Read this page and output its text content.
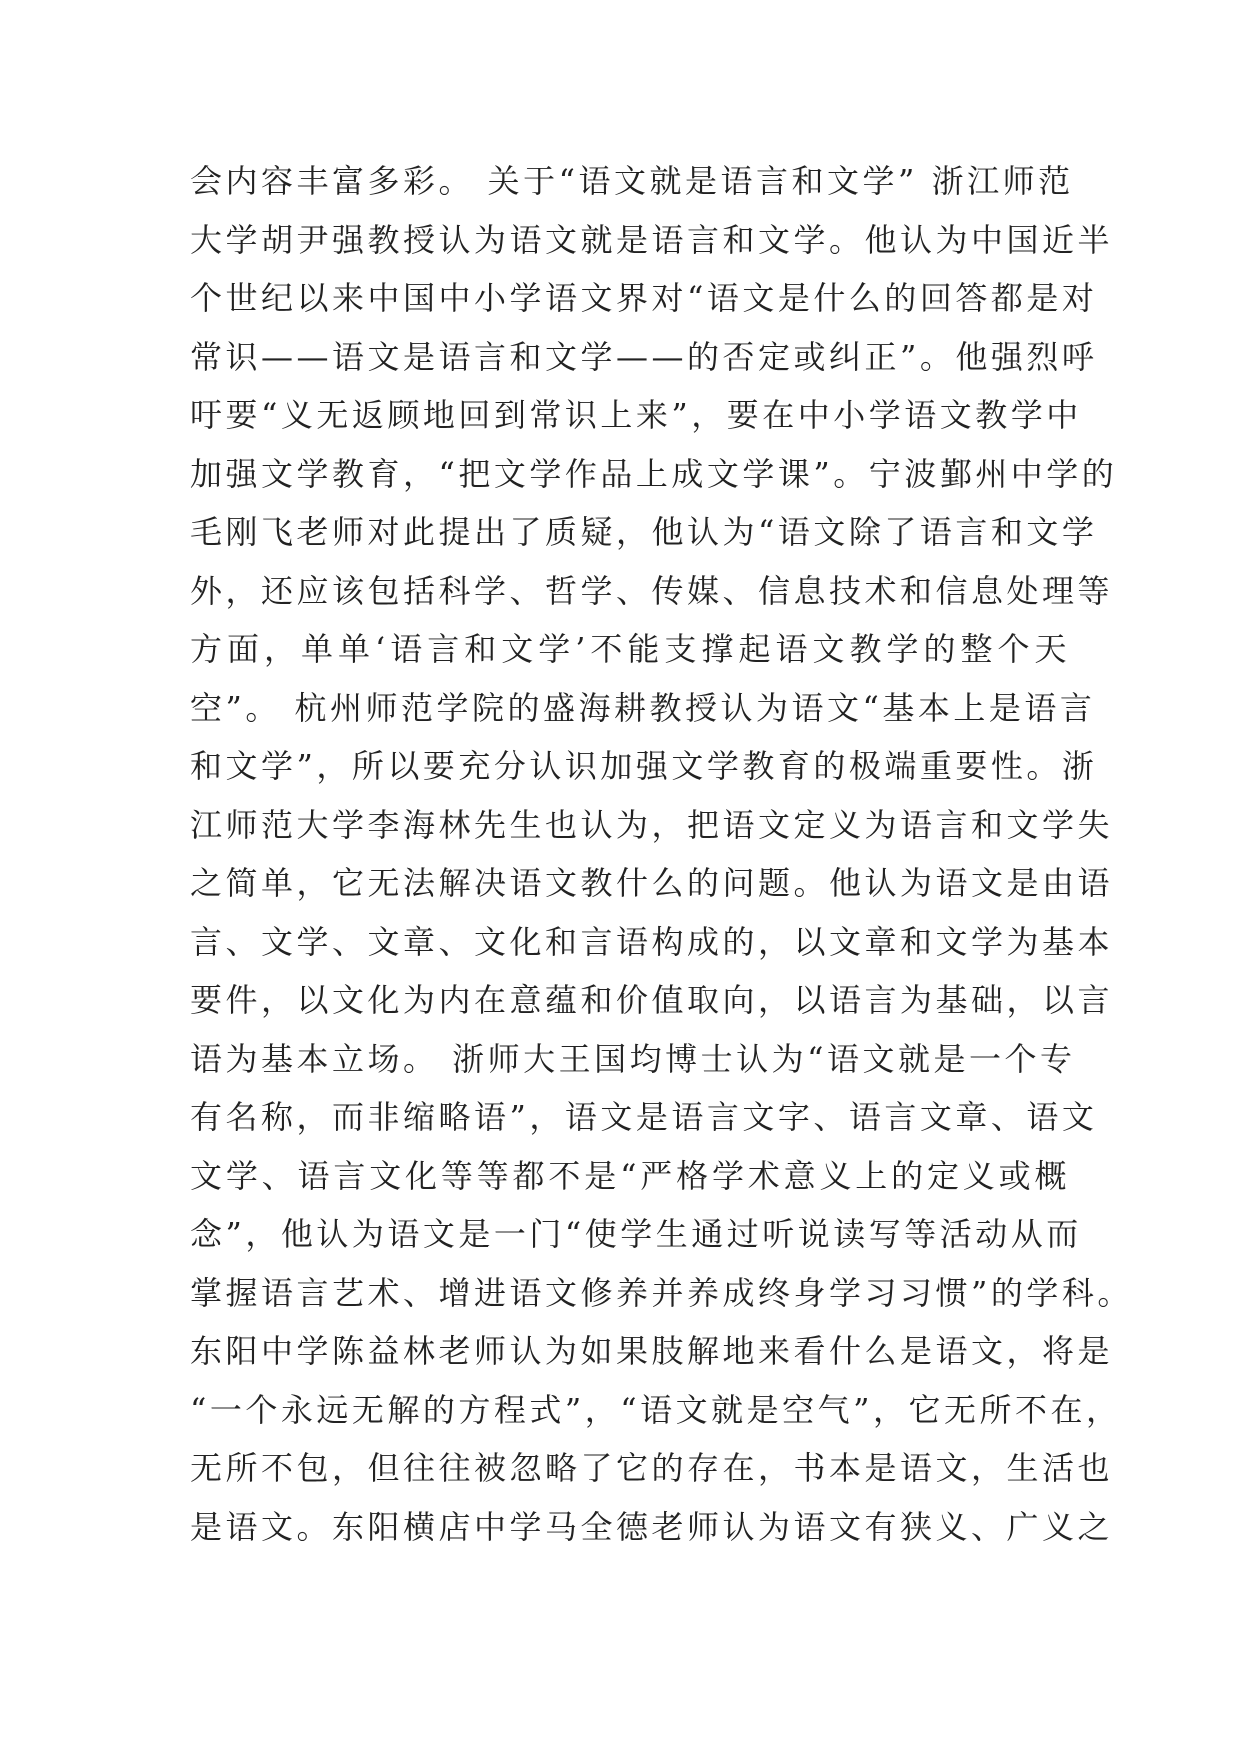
会内容丰富多彩。 关于“语文就是语言和文学” 浙江师范
大学胡尹强教授认为语文就是语言和文学。他认为中国近半
个世纪以来中国中小学语文界对“语文是什么的回答都是对
常识——语文是语言和文学——的否定或纠正”。他强烈呼
吁要“义无返顾地回到常识上来”，要在中小学语文教学中
加强文学教育，“把文学作品上成文学课”。宁波鄞州中学的
毛刚飞老师对此提出了质疑，他认为“语文除了语言和文学
外，还应该包括科学、哲学、传媒、信息技术和信息处理等
方面，单单‘语言和文学’不能支撑起语文教学的整个天
空”。 杭州师范学院的盛海耕教授认为语文“基本上是语言
和文学”，所以要充分认识加强文学教育的极端重要性。浙
江师范大学李海林先生也认为，把语文定义为语言和文学失
之简单，它无法解决语文教什么的问题。他认为语文是由语
言、文学、文章、文化和言语构成的，以文章和文学为基本
要件，以文化为内在意蕴和价值取向，以语言为基础，以言
语为基本立场。 浙师大王国均博士认为“语文就是一个专
有名称，而非缩略语”，语文是语言文字、语言文章、语文
文学、语言文化等等都不是“严格学术意义上的定义或概
念”，他认为语文是一门“使学生通过听说读写等活动从而
掌握语言艺术、增进语文修养并养成终身学习习惯”的学科。
东阳中学陈益林老师认为如果肢解地来看什么是语文，将是
“一个永远无解的方程式”，“语文就是空气”，它无所不在，
无所不包，但往往被忽略了它的存在，书本是语文，生活也
是语文。东阳横店中学马全德老师认为语文有狭义、广义之
